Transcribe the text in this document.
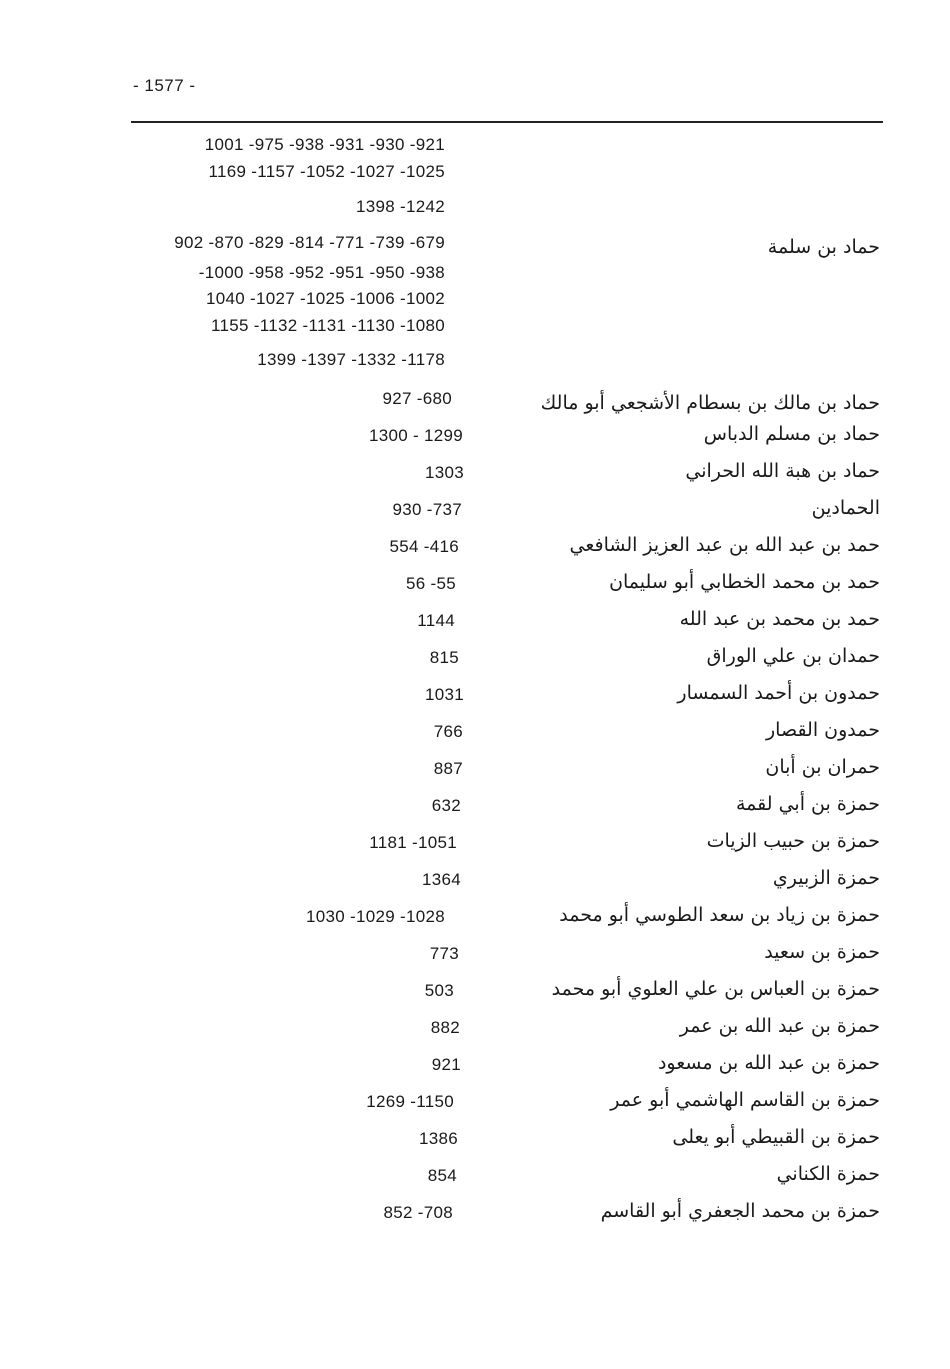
- 1577 -
1001 -975 -938 -931 -930 -921
1169 -1157 -1052 -1027 -1025
1398 -1242
حماد بن سلمة
902 -870 -829 -814 -771 -739 -679
-1000 -958 -952 -951 -950 -938
1040 -1027 -1025 -1006 -1002
1155 -1132 -1131 -1130 -1080
1399 -1397 -1332 -1178
حماد بن مالك بن بسطام الأشجعي أبو مالك
927 -680
حماد بن مسلم الدباس
1300 - 1299
حماد بن هبة الله الحراني
1303
الحمادين
930 -737
حمد بن عبد الله بن عبد العزيز الشافعي
554 -416
حمد بن محمد الخطابي أبو سليمان
56 -55
حمد بن محمد بن عبد الله
1144
حمدان بن علي الوراق
815
حمدون بن أحمد السمسار
1031
حمدون القصار
766
حمران بن أبان
887
حمزة بن أبي لقمة
632
حمزة بن حبيب الزيات
1181 -1051
حمزة الزبيري
1364
حمزة بن زياد بن سعد الطوسي أبو محمد
1030 -1029 -1028
حمزة بن سعيد
773
حمزة بن العباس بن علي العلوي أبو محمد
503
حمزة بن عبد الله بن عمر
882
حمزة بن عبد الله بن مسعود
921
حمزة بن القاسم الهاشمي أبو عمر
1269 -1150
حمزة بن القبيطي أبو يعلى
1386
حمزة الكناني
854
حمزة بن محمد الجعفري أبو القاسم
852 -708
